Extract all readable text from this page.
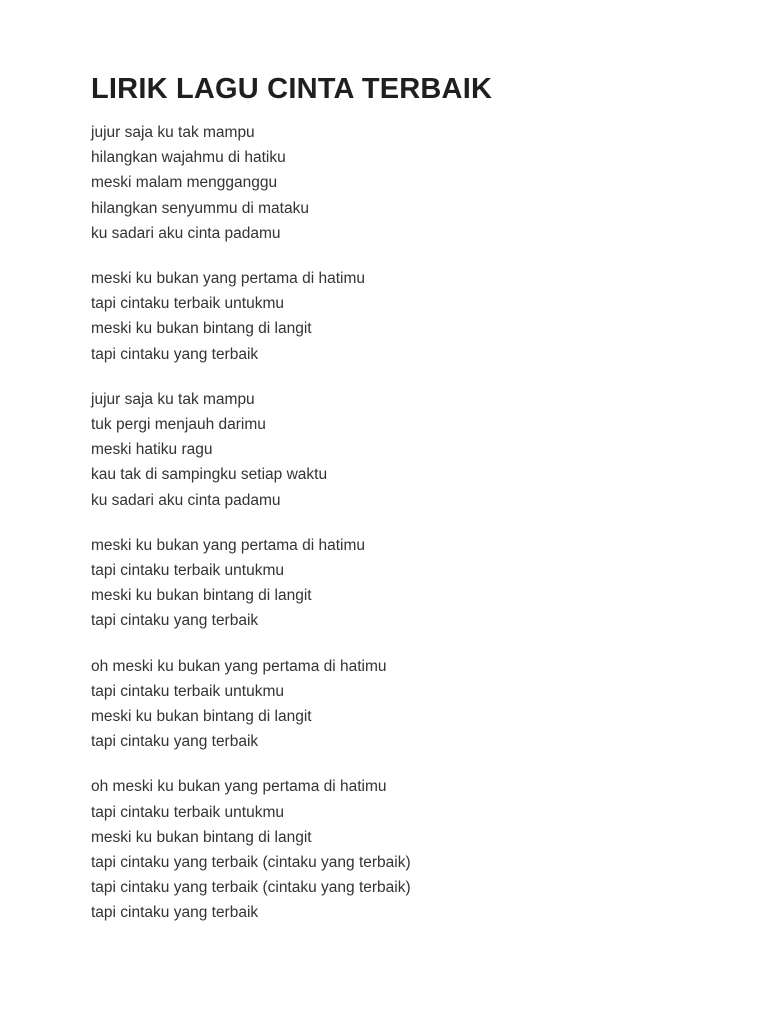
LIRIK LAGU CINTA TERBAIK
jujur saja ku tak mampu
hilangkan wajahmu di hatiku
meski malam mengganggu
hilangkan senyummu di mataku
ku sadari aku cinta padamu
meski ku bukan yang pertama di hatimu
tapi cintaku terbaik untukmu
meski ku bukan bintang di langit
tapi cintaku yang terbaik
jujur saja ku tak mampu
tuk pergi menjauh darimu
meski hatiku ragu
kau tak di sampingku setiap waktu
ku sadari aku cinta padamu
meski ku bukan yang pertama di hatimu
tapi cintaku terbaik untukmu
meski ku bukan bintang di langit
tapi cintaku yang terbaik
oh meski ku bukan yang pertama di hatimu
tapi cintaku terbaik untukmu
meski ku bukan bintang di langit
tapi cintaku yang terbaik
oh meski ku bukan yang pertama di hatimu
tapi cintaku terbaik untukmu
meski ku bukan bintang di langit
tapi cintaku yang terbaik (cintaku yang terbaik)
tapi cintaku yang terbaik (cintaku yang terbaik)
tapi cintaku yang terbaik
